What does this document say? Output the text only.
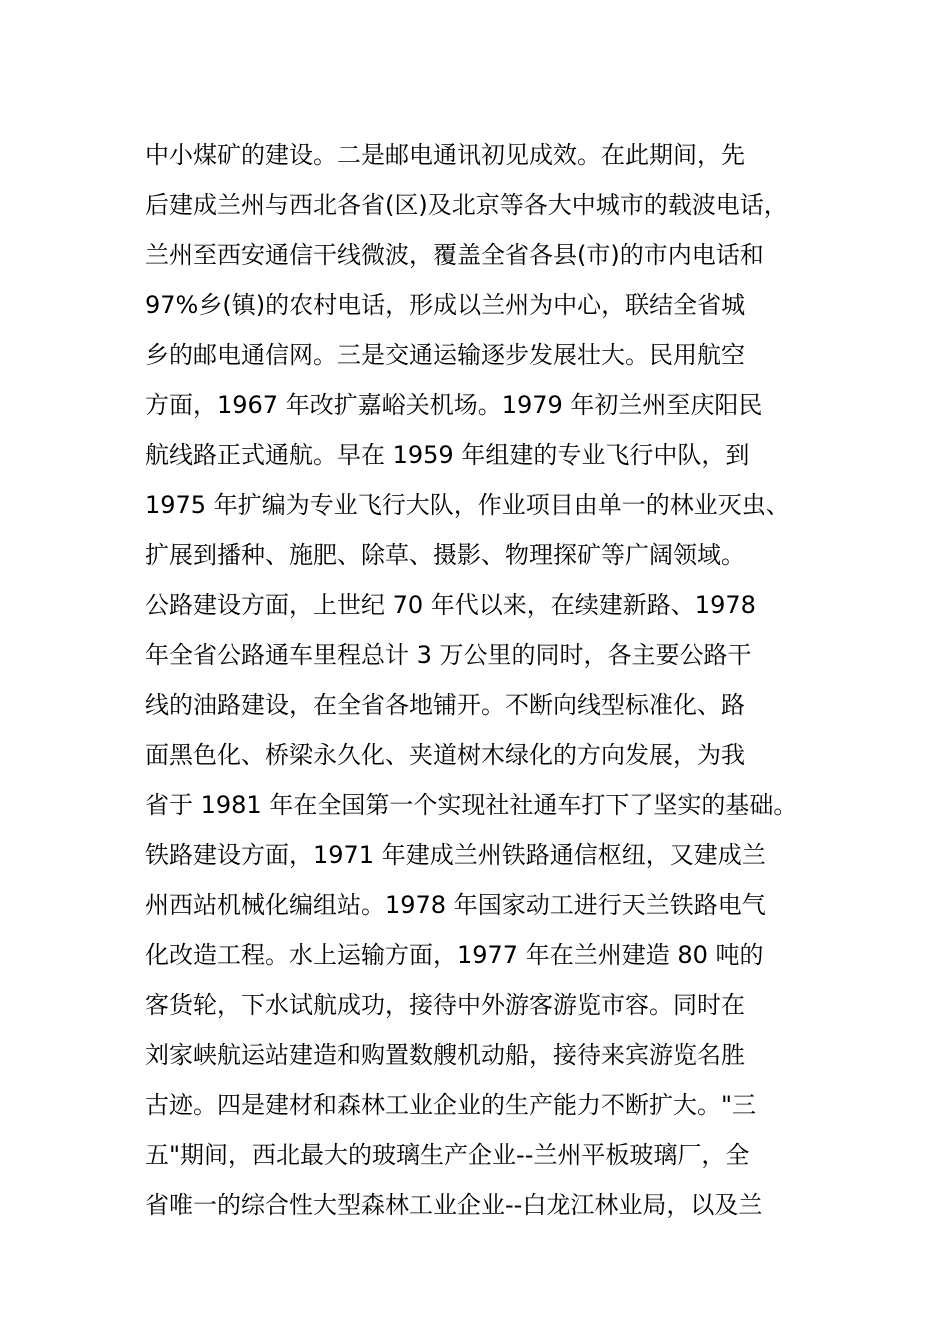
中小煤矿的建设。二是邮电通讯初见成效。在此期间，先
后建成兰州与西北各省(区)及北京等各大中城市的载波电话，
兰州至西安通信干线微波，覆盖全省各县(市)的市内电话和
97%乡(镇)的农村电话，形成以兰州为中心，联结全省城
乡的邮电通信网。三是交通运输逐步发展壮大。民用航空
方面，1967 年改扩嘉峪关机场。1979 年初兰州至庆阳民
航线路正式通航。早在 1959 年组建的专业飞行中队，到
1975 年扩编为专业飞行大队，作业项目由单一的林业灭虫、
扩展到播种、施肥、除草、摄影、物理探矿等广阔领域。
公路建设方面，上世纪 70 年代以来，在续建新路、1978
年全省公路通车里程总计 3 万公里的同时，各主要公路干
线的油路建设，在全省各地铺开。不断向线型标准化、路
面黑色化、桥梁永久化、夹道树木绿化的方向发展，为我
省于 1981 年在全国第一个实现社社通车打下了坚实的基础。
铁路建设方面，1971 年建成兰州铁路通信枢纽，又建成兰
州西站机械化编组站。1978 年国家动工进行天兰铁路电气
化改造工程。水上运输方面，1977 年在兰州建造 80 吨的
客货轮，下水试航成功，接待中外游客游览市容。同时在
刘家峡航运站建造和购置数艘机动船，接待来宾游览名胜
古迹。四是建材和森林工业企业的生产能力不断扩大。"三
五"期间，西北最大的玻璃生产企业--兰州平板玻璃厂，全
省唯一的综合性大型森林工业企业--白龙江林业局，以及兰
